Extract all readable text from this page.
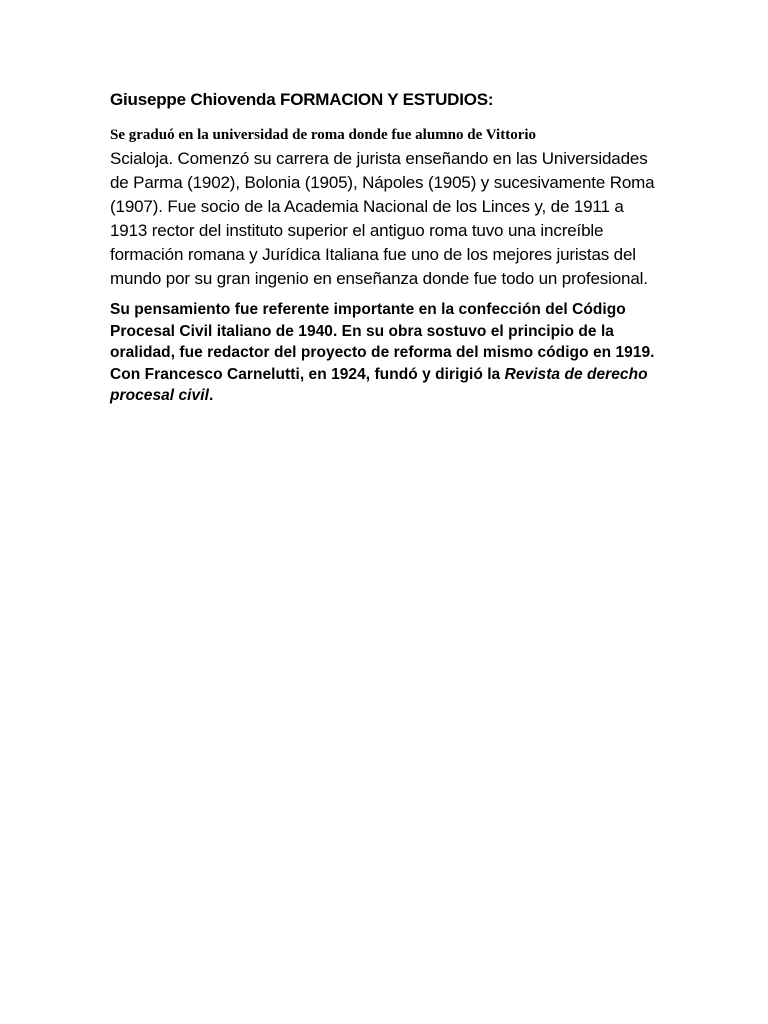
Giuseppe Chiovenda FORMACION Y ESTUDIOS:

Se graduó en la universidad de roma donde fue alumno de Vittorio
Scialoja. Comenzó su carrera de jurista enseñando en las Universidades de Parma (1902), Bolonia (1905), Nápoles (1905) y sucesivamente Roma (1907). Fue socio de la Academia Nacional de los Linces y, de 1911 a 1913 rector del instituto superior el antiguo roma tuvo una increíble formación romana y Jurídica Italiana fue uno de los mejores juristas del mundo por su gran ingenio en enseñanza donde fue todo un profesional.

Su pensamiento fue referente importante en la confección del Código Procesal Civil italiano de 1940. En su obra sostuvo el principio de la oralidad, fue redactor del proyecto de reforma del mismo código en 1919. Con Francesco Carnelutti, en 1924, fundó y dirigió la Revista de derecho procesal civil.
